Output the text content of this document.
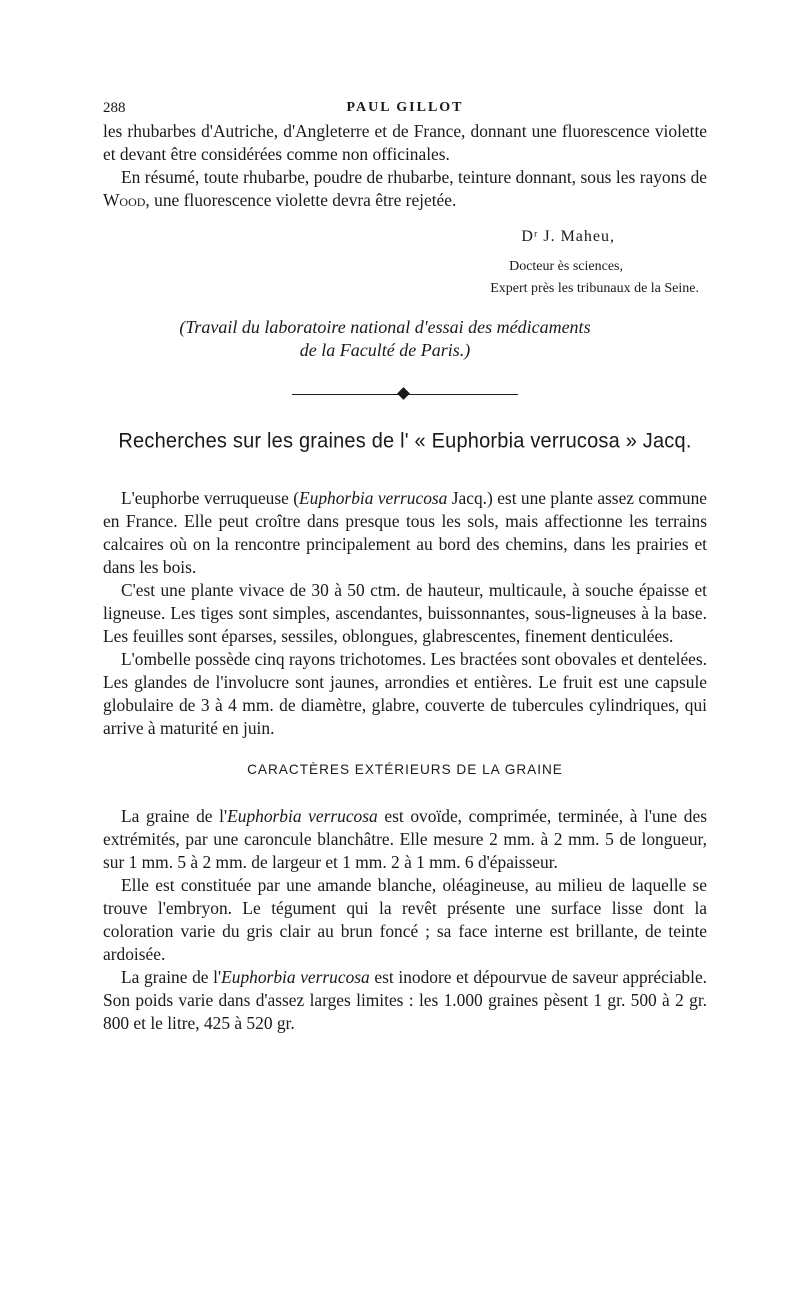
288	PAUL GILLOT

les rhubarbes d'Autriche, d'Angleterre et de France, donnant une fluorescence violette et devant être considérées comme non officinales.

En résumé, toute rhubarbe, poudre de rhubarbe, teinture donnant, sous les rayons de Wood, une fluorescence violette devra être rejetée.

Dʳ J. Maheu,
Docteur ès sciences,
Expert près les tribunaux de la Seine.
(Travail du laboratoire national d'essai des médicaments
de la Faculté de Paris.)
Recherches sur les graines de l' « Euphorbia verrucosa » Jacq.

L'euphorbe verruqueuse (Euphorbia verrucosa Jacq.) est une plante assez commune en France. Elle peut croître dans presque tous les sols, mais affectionne les terrains calcaires où on la rencontre principalement au bord des chemins, dans les prairies et dans les bois.

C'est une plante vivace de 30 à 50 ctm. de hauteur, multicaule, à souche épaisse et ligneuse. Les tiges sont simples, ascendantes, buissonnantes, sous-ligneuses à la base. Les feuilles sont éparses, sessiles, oblongues, glabrescentes, finement denticulées.

L'ombelle possède cinq rayons trichotomes. Les bractées sont obovales et dentelées. Les glandes de l'involucre sont jaunes, arrondies et entières. Le fruit est une capsule globulaire de 3 à 4 mm. de diamètre, glabre, couverte de tubercules cylindriques, qui arrive à maturité en juin.

CARACTÈRES EXTÉRIEURS DE LA GRAINE

La graine de l'Euphorbia verrucosa est ovoïde, comprimée, terminée, à l'une des extrémités, par une caroncule blanchâtre. Elle mesure 2 mm. à 2 mm. 5 de longueur, sur 1 mm. 5 à 2 mm. de largeur et 1 mm. 2 à 1 mm. 6 d'épaisseur.

Elle est constituée par une amande blanche, oléagineuse, au milieu de laquelle se trouve l'embryon. Le tégument qui la revêt présente une surface lisse dont la coloration varie du gris clair au brun foncé ; sa face interne est brillante, de teinte ardoisée.

La graine de l'Euphorbia verrucosa est inodore et dépourvue de saveur appréciable. Son poids varie dans d'assez larges limites : les 1.000 graines pèsent 1 gr. 500 à 2 gr. 800 et le litre, 425 à 520 gr.
